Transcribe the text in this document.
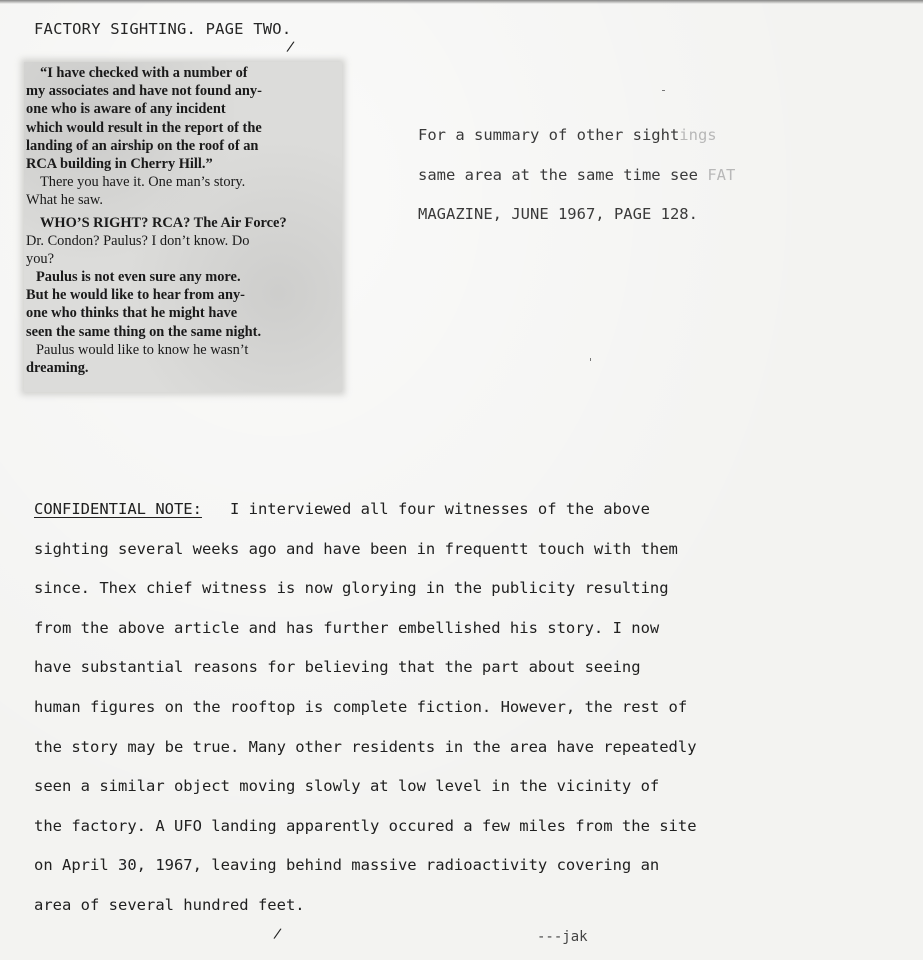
FACTORY SIGHTING. PAGE TWO.
/
“I have checked with a number of
my associates and have not found any-
one who is aware of any incident
which would result in the report of the
landing of an airship on the roof of an
RCA building in Cherry Hill.”
There you have it. One man’s story.
What he saw.
WHO’S RIGHT? RCA? The Air Force?
Dr. Condon? Paulus? I don’t know. Do
you?
Paulus is not even sure any more.
But he would like to hear from any-
one who thinks that he might have
seen the same thing on the same night.
Paulus would like to know he wasn’t
dreaming.
For a summary of other sightings
same area at the same time see FAT
MAGAZINE, JUNE 1967, PAGE 128.
CONFIDENTIAL NOTE:   I interviewed all four witnesses of the above
sighting several weeks ago and have been in frequentt touch with them
since. Thex chief witness is now glorying in the publicity resulting
from the above article and has further embellished his story. I now
have substantial reasons for believing that the part about seeing
human figures on the rooftop is complete fiction. However, the rest of
the story may be true. Many other residents in the area have repeatedly
seen a similar object moving slowly at low level in the vicinity of
the factory. A UFO landing apparently occured a few miles from the site
on April 30, 1967, leaving behind massive radioactivity covering an
area of several hundred feet.
/	---jak
